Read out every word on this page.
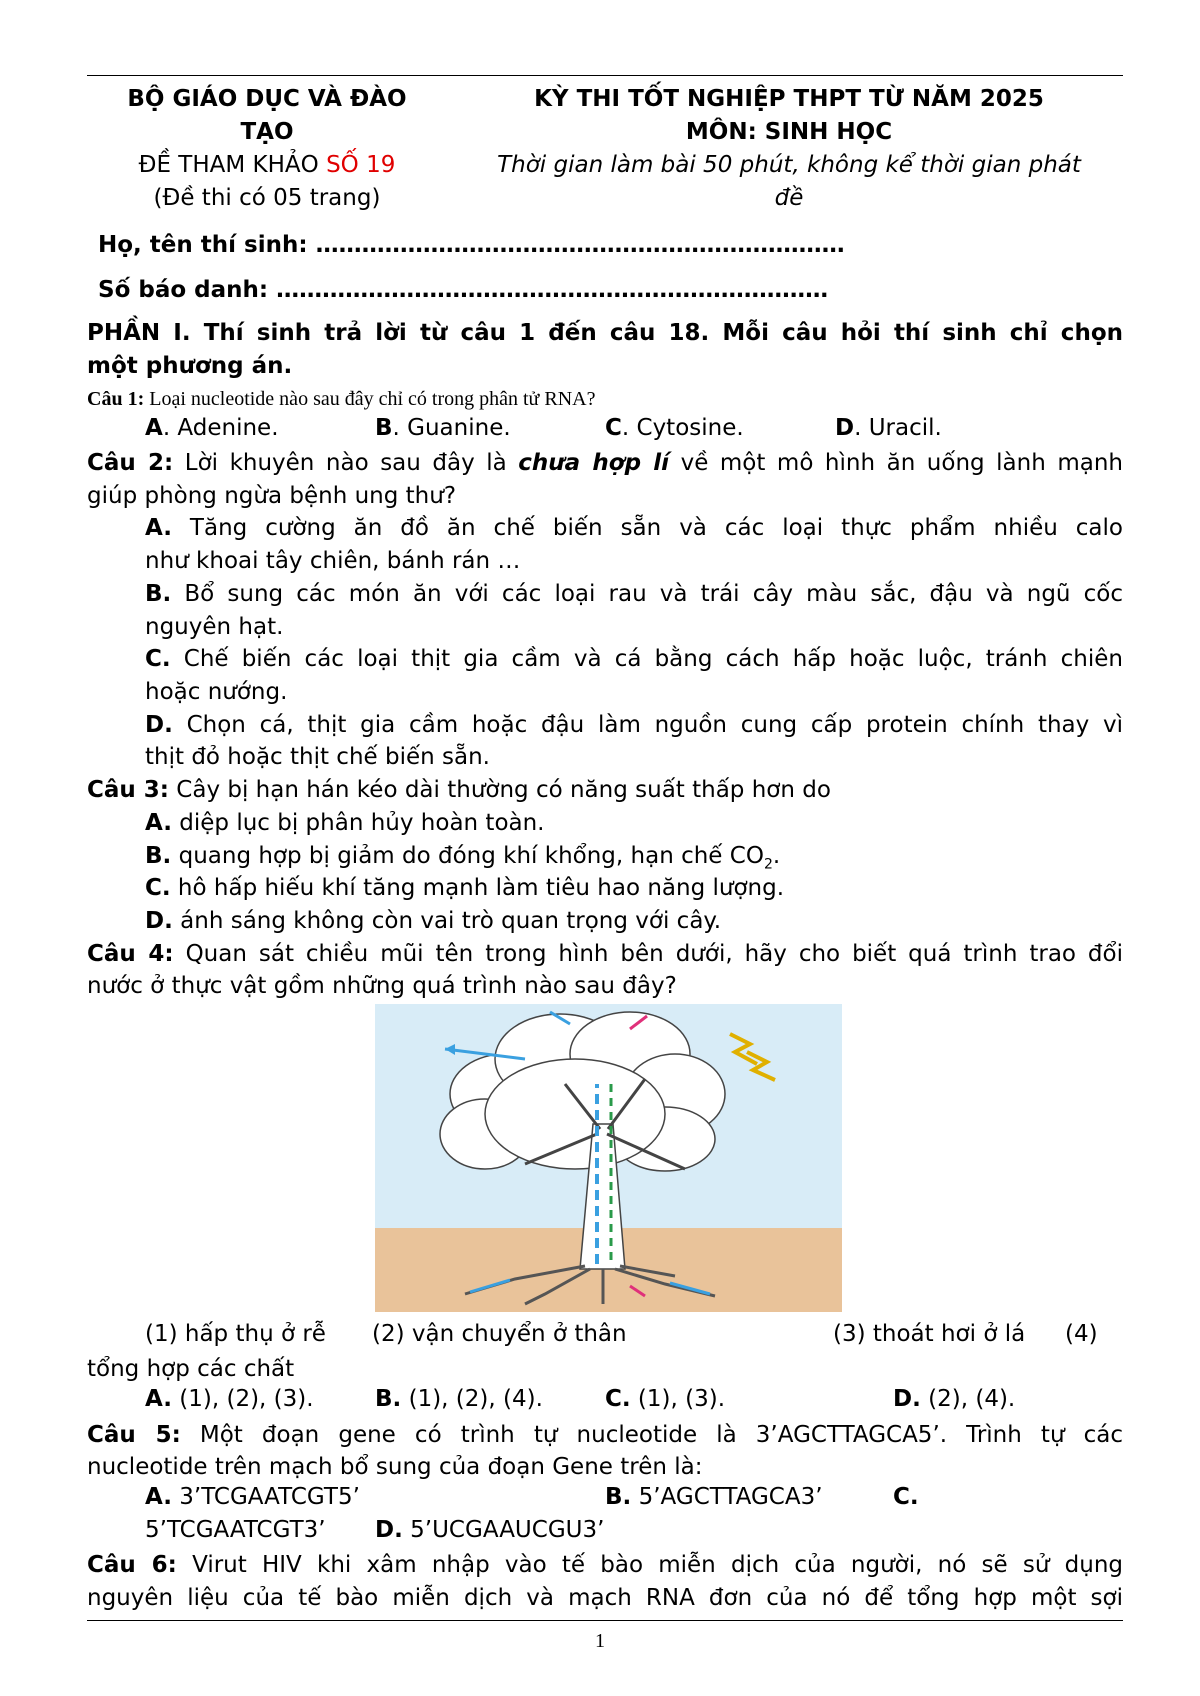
BỘ GIÁO DỤC VÀ ĐÀO
TẠO
ĐỀ THAM KHẢO SỐ 19
(Đề thi có 05 trang)
KỲ THI TỐT NGHIỆP THPT TỪ NĂM 2025
MÔN: SINH HỌC
Thời gian làm bài 50 phút, không kể thời gian phát
đề
Họ, tên thí sinh: ……………………………………………………………
Số báo danh: ………………………………………………………………
PHẦN I. Thí sinh trả lời từ câu 1 đến câu 18. Mỗi câu hỏi thí sinh chỉ chọn
một phương án.
Câu 1: Loại nucleotide nào sau đây chỉ có trong phân tử RNA?
A. Adenine.	B. Guanine.	C. Cytosine.	D. Uracil.
Câu 2: Lời khuyên nào sau đây là chưa hợp lí về một mô hình ăn uống lành mạnh
giúp phòng ngừa bệnh ung thư?
A. Tăng cường ăn đồ ăn chế biến sẵn và các loại thực phẩm nhiều calo
như khoai tây chiên, bánh rán …
B. Bổ sung các món ăn với các loại rau và trái cây màu sắc, đậu và ngũ cốc
nguyên hạt.
C. Chế biến các loại thịt gia cầm và cá bằng cách hấp hoặc luộc, tránh chiên
hoặc nướng.
D. Chọn cá, thịt gia cầm hoặc đậu làm nguồn cung cấp protein chính thay vì
thịt đỏ hoặc thịt chế biến sẵn.
Câu 3: Cây bị hạn hán kéo dài thường có năng suất thấp hơn do
A. diệp lục bị phân hủy hoàn toàn.
B. quang hợp bị giảm do đóng khí khổng, hạn chế $CO_2$.
C. hô hấp hiếu khí tăng mạnh làm tiêu hao năng lượng.
D. ánh sáng không còn vai trò quan trọng với cây.
Câu 4: Quan sát chiều mũi tên trong hình bên dưới, hãy cho biết quá trình trao đổi
nước ở thực vật gồm những quá trình nào sau đây?
(1) hấp thụ ở rễ (2) vận chuyển ở thân	(3) thoát hơi ở lá (4)
tổng hợp các chất
A. (1), (2), (3).	B. (1), (2), (4).	C. (1), (3).	D. (2), (4).
Câu 5: Một đoạn gene có trình tự nucleotide là 3’AGCTTAGCA5’. Trình tự các
nucleotide trên mạch bổ sung của đoạn Gene trên là:
A. 3’TCGAATCGT5’	B. 5’AGCTTAGCA3’	C.
5’TCGAATCGT3’ D. 5’UCGAAUCGU3’
Câu 6: Virut HIV khi xâm nhập vào tế bào miễn dịch của người, nó sẽ sử dụng
nguyên liệu của tế bào miễn dịch và mạch RNA đơn của nó để tổng hợp một sợi
1
